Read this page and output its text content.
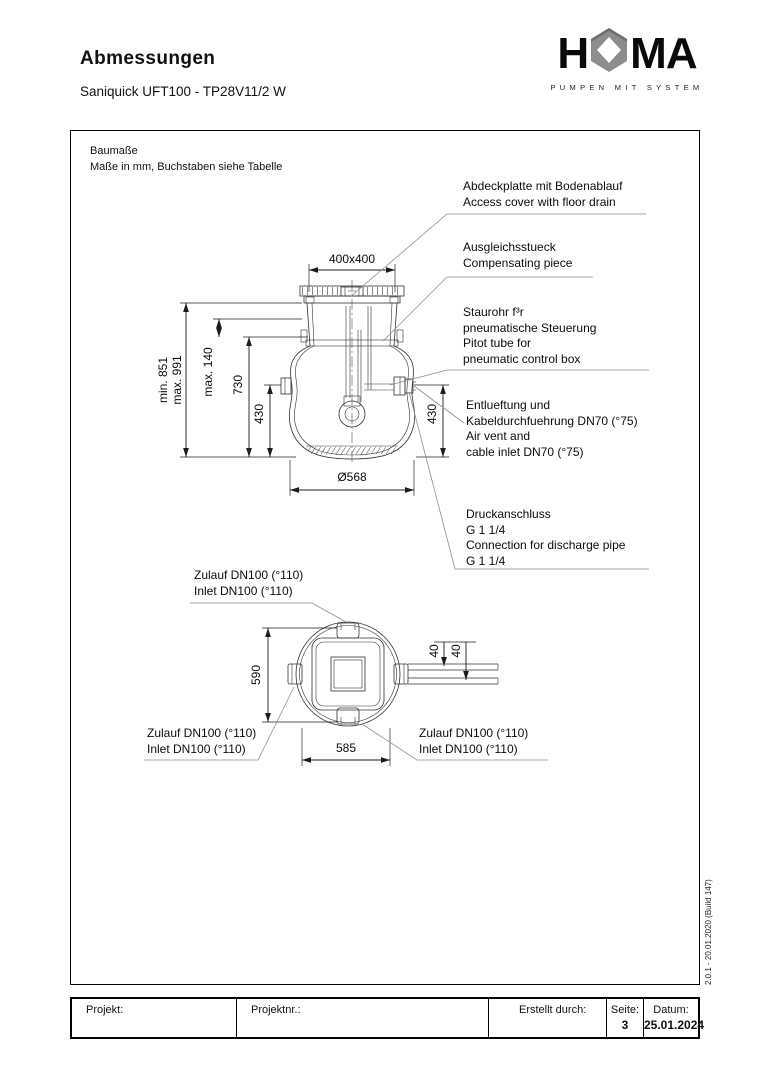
Abmessungen
Saniquick UFT100 - TP28V11/2 W
H MA
PUMPEN MIT SYSTEM
Baumaße
Maße in mm, Buchstaben siehe Tabelle
400x400
min. 851 max. 991 max. 140 730
430	430
Ø568
590
585
40 40
Abdeckplatte mit Bodenablauf
Access cover with floor drain
Ausgleichsstueck
Compensating piece
Staurohr f³r
pneumatische Steuerung
Pitot tube for
pneumatic control box
Entlueftung und
Kabeldurchfuehrung DN70 (°75)
Air vent and
cable inlet DN70 (°75)
Druckanschluss
G 1 1/4
Connection for discharge pipe
G 1 1/4
Zulauf DN100 (°110)
Inlet DN100 (°110)
Zulauf DN100 (°110)
Inlet DN100 (°110)
Zulauf DN100 (°110)
Inlet DN100 (°110)
Projekt:	Projektnr.:	Erstellt durch:	Seite:
3
Datum:
25.01.2024
2.0.1 - 20.01.2020 (Build 147)
